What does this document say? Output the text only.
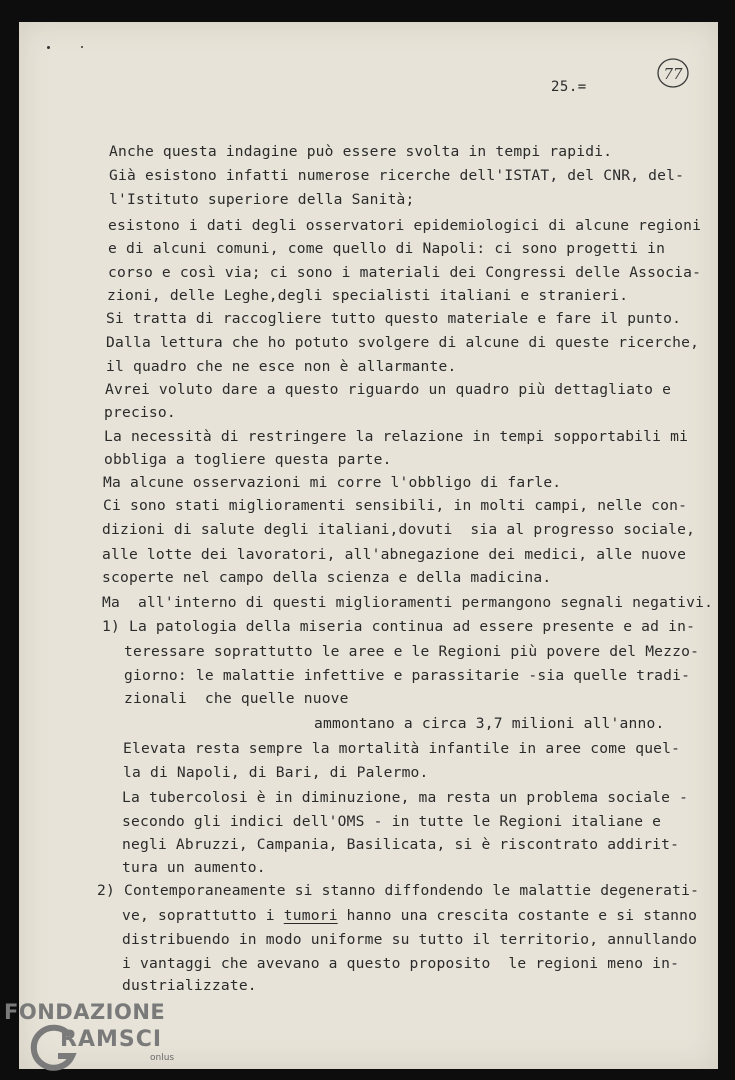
25.=
77
Anche questa indagine può essere svolta in tempi rapidi.
Già esistono infatti numerose ricerche dell'ISTAT, del CNR, del-
l'Istituto superiore della Sanità;
esistono i dati degli osservatori epidemiologici di alcune regioni
e di alcuni comuni, come quello di Napoli: ci sono progetti in
corso e così via; ci sono i materiali dei Congressi delle Associa-
zioni, delle Leghe,degli specialisti italiani e stranieri.
Si tratta di raccogliere tutto questo materiale e fare il punto.
Dalla lettura che ho potuto svolgere di alcune di queste ricerche,
il quadro che ne esce non è allarmante.
Avrei voluto dare a questo riguardo un quadro più dettagliato e
preciso.
La necessità di restringere la relazione in tempi sopportabili mi
obbliga a togliere questa parte.
Ma alcune osservazioni mi corre l'obbligo di farle.
Ci sono stati miglioramenti sensibili, in molti campi, nelle con-
dizioni di salute degli italiani,dovuti  sia al progresso sociale,
alle lotte dei lavoratori, all'abnegazione dei medici, alle nuove
scoperte nel campo della scienza e della madicina.
Ma  all'interno di questi miglioramenti permangono segnali negativi.
1) La patologia della miseria continua ad essere presente e ad in-
teressare soprattutto le aree e le Regioni più povere del Mezzo-
giorno: le malattie infettive e parassitarie -sia quelle tradi-
zionali  che quelle nuove
ammontano a circa 3,7 milioni all'anno.
Elevata resta sempre la mortalità infantile in aree come quel-
la di Napoli, di Bari, di Palermo.
La tubercolosi è in diminuzione, ma resta un problema sociale -
secondo gli indici dell'OMS - in tutte le Regioni italiane e
negli Abruzzi, Campania, Basilicata, si è riscontrato addirit-
tura un aumento.
2) Contemporaneamente si stanno diffondendo le malattie degenerati-
ve, soprattutto i tumori hanno una crescita costante e si stanno
distribuendo in modo uniforme su tutto il territorio, annullando
i vantaggi che avevano a questo proposito  le regioni meno in-
dustrializzate.
FONDAZIONE
RAMSCI
onlus
